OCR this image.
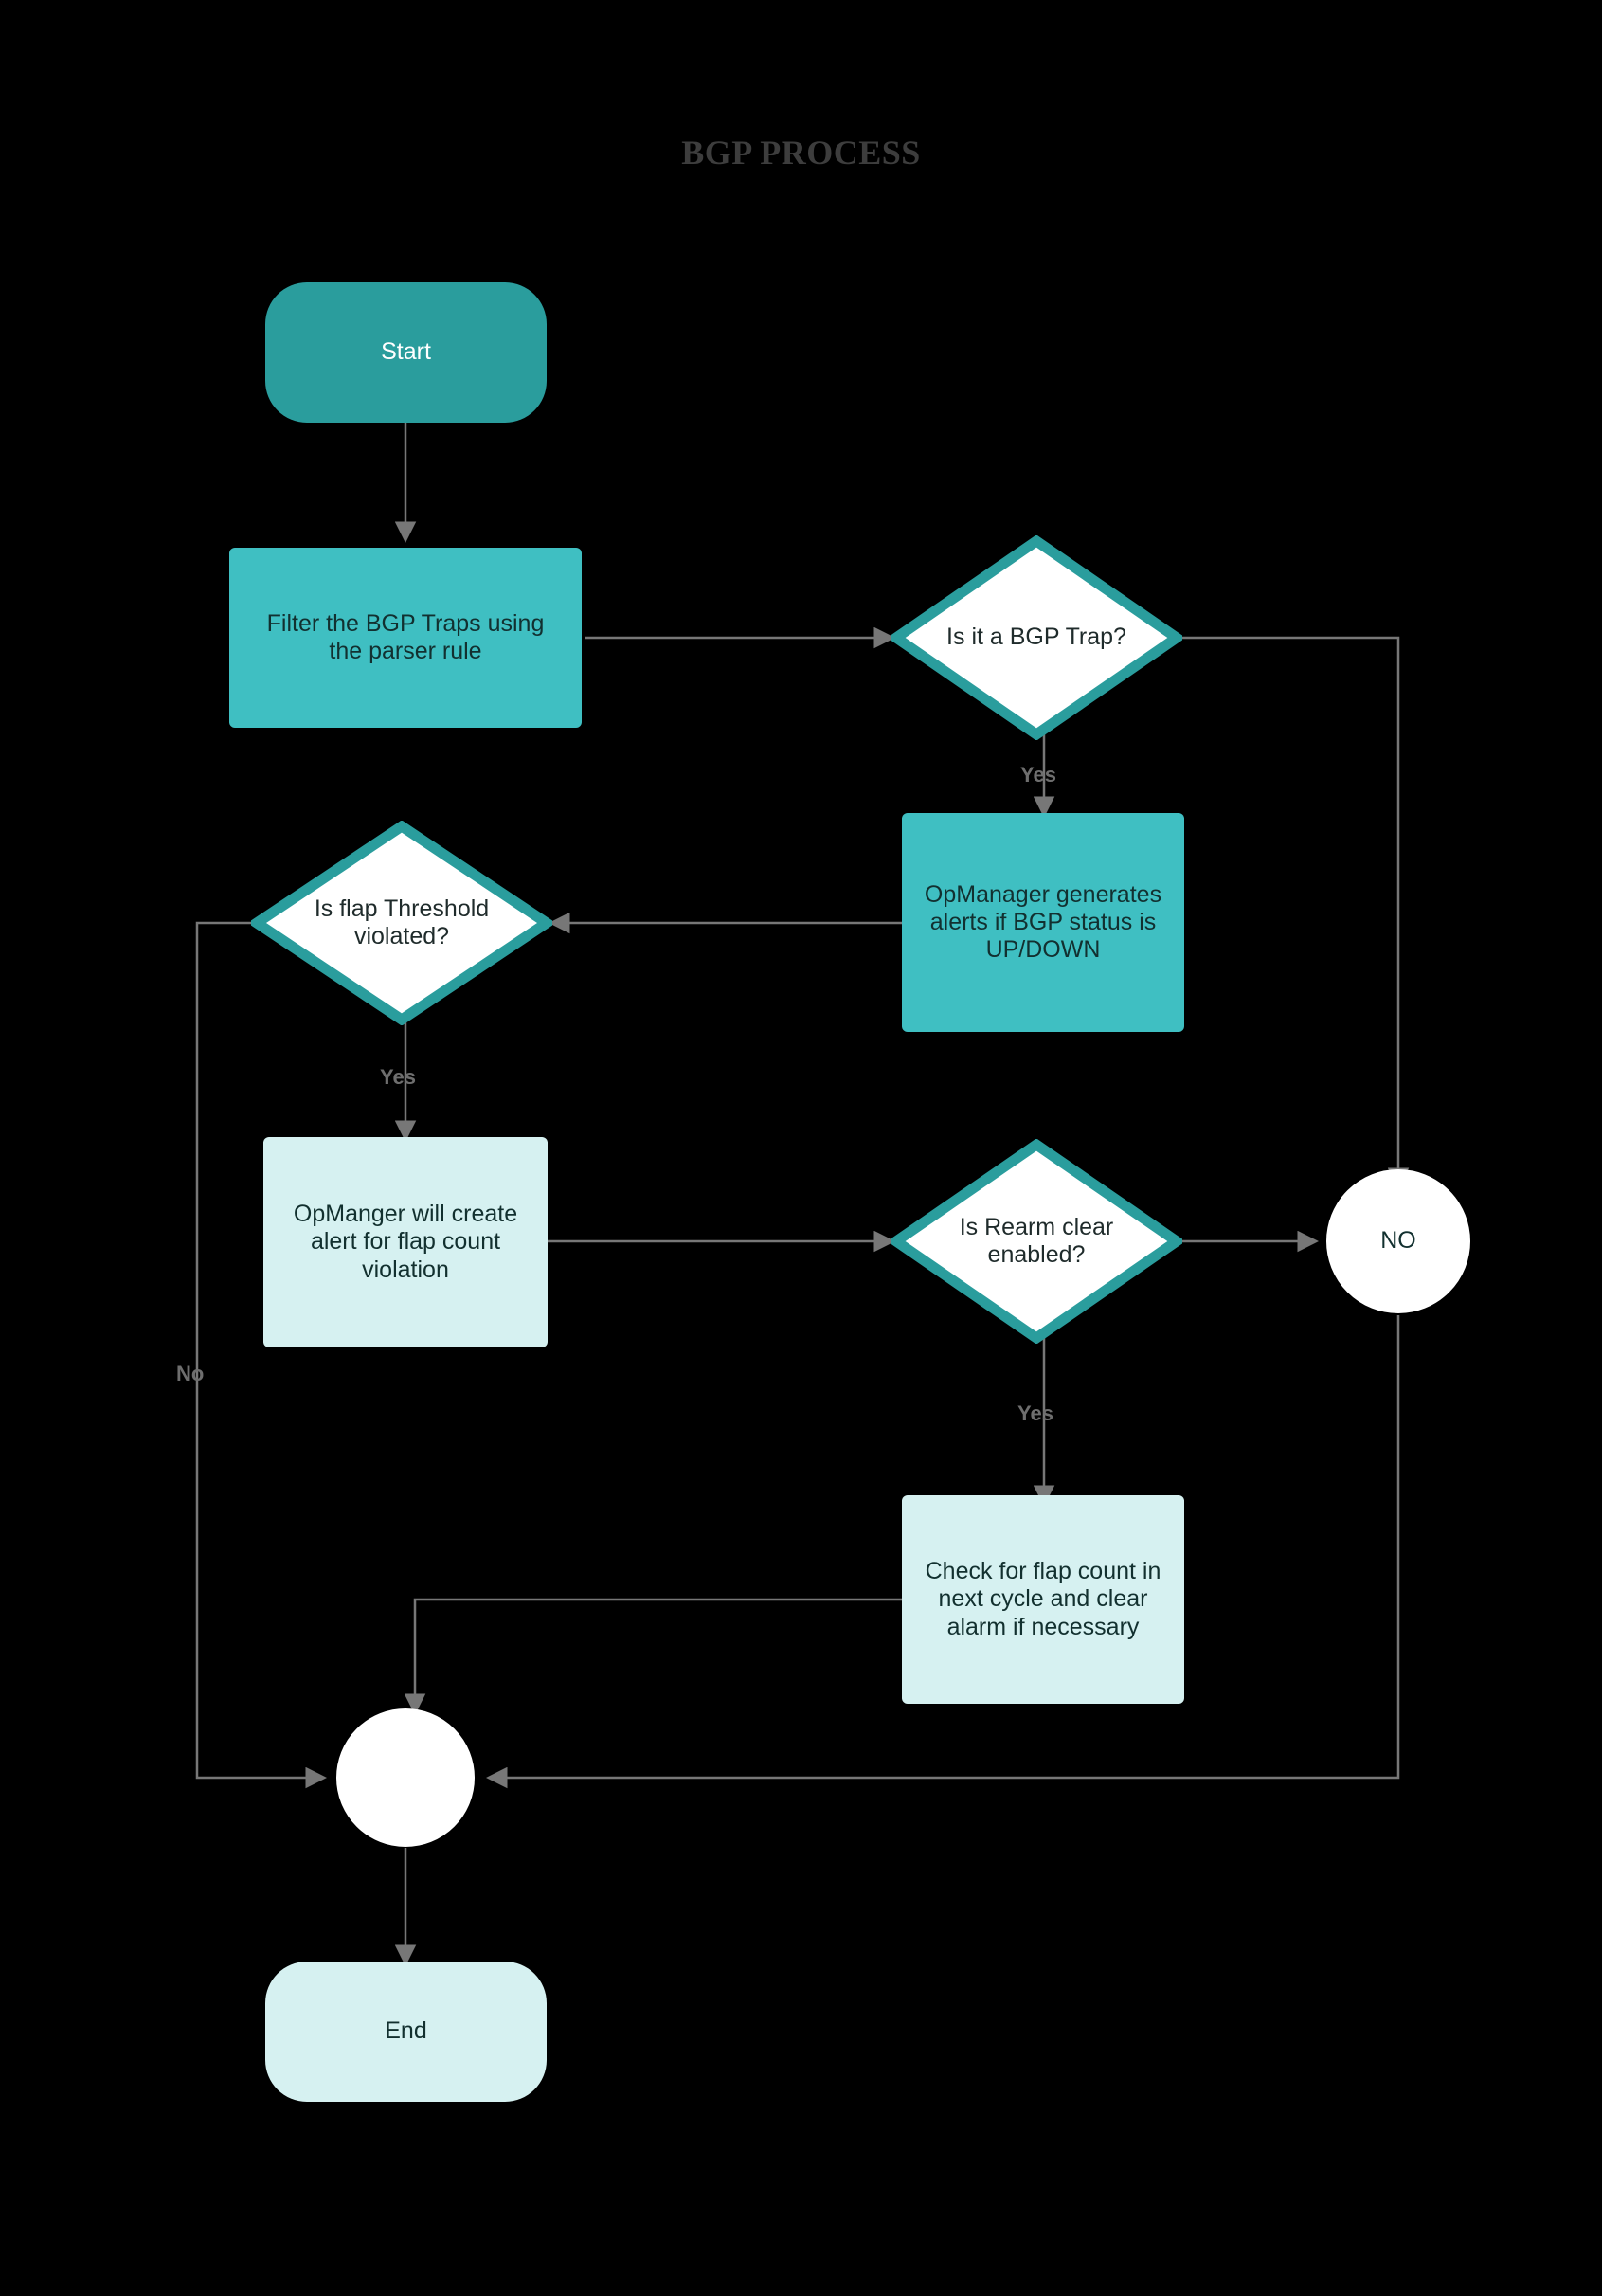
BGP PROCESS
Start
Filter the BGP Traps using the parser rule
Is it a BGP Trap?
OpManager generates alerts if BGP status is UP/DOWN
Is flap Threshold violated?
OpManger will create alert for flap count violation
Is Rearm clear enabled?
NO
Check for flap count in next cycle and clear alarm if necessary
End
Yes
Yes
No
Yes
